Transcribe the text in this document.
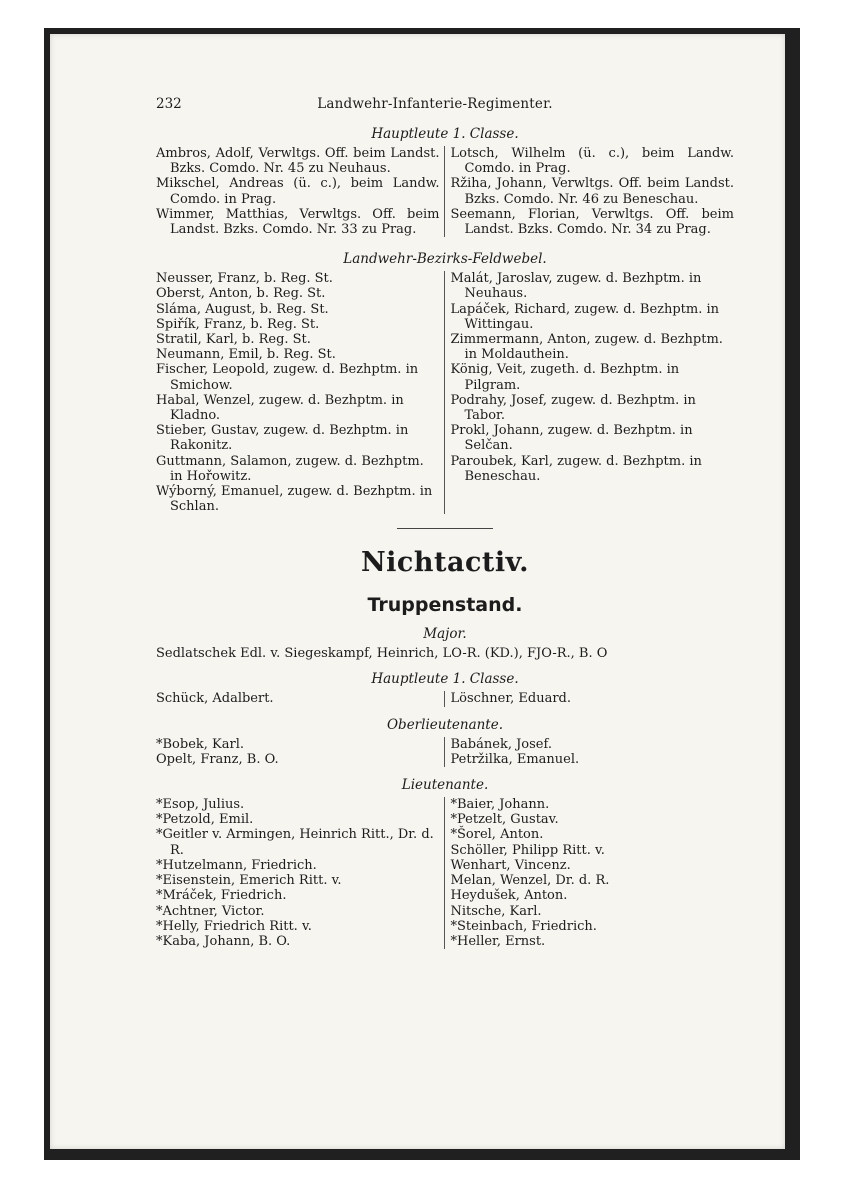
232	Landwehr-Infanterie-Regimenter.
Hauptleute 1. Classe.

Ambros, Adolf, Verwltgs. Off. beim Landst. Bzks. Comdo. Nr. 45 zu Neuhaus.

Mikschel, Andreas (ü. c.), beim Landw. Comdo. in Prag.

Wimmer, Matthias, Verwltgs. Off. beim Landst. Bzks. Comdo. Nr. 33 zu Prag.

Lotsch, Wilhelm (ü. c.), beim Landw. Comdo. in Prag.

Ržiha, Johann, Verwltgs. Off. beim Landst. Bzks. Comdo. Nr. 46 zu Beneschau.

Seemann, Florian, Verwltgs. Off. beim Landst. Bzks. Comdo. Nr. 34 zu Prag.

Landwehr-Bezirks-Feldwebel.

Neusser, Franz, b. Reg. St.

Oberst, Anton, b. Reg. St.

Sláma, August, b. Reg. St.

Spiřík, Franz, b. Reg. St.

Stratil, Karl, b. Reg. St.

Neumann, Emil, b. Reg. St.

Fischer, Leopold, zugew. d. Bezhptm. in Smichow.

Habal, Wenzel, zugew. d. Bezhptm. in Kladno.

Stieber, Gustav, zugew. d. Bezhptm. in Rakonitz.

Guttmann, Salamon, zugew. d. Bezhptm. in Hořowitz.

Wýborný, Emanuel, zugew. d. Bezhptm. in Schlan.

Malát, Jaroslav, zugew. d. Bezhptm. in Neuhaus.

Lapáček, Richard, zugew. d. Bezhptm. in Wittingau.

Zimmermann, Anton, zugew. d. Bezhptm. in Moldauthein.

König, Veit, zugeth. d. Bezhptm. in Pilgram.

Podrahy, Josef, zugew. d. Bezhptm. in Tabor.

Prokl, Johann, zugew. d. Bezhptm. in Selčan.

Paroubek, Karl, zugew. d. Bezhptm. in Beneschau.

Nichtactiv.
Truppenstand.
Major.
Sedlatschek Edl. v. Siegeskampf, Heinrich, LO-R. (KD.), FJO-R., B. O
Hauptleute 1. Classe.

Schück, Adalbert.	Löschner, Eduard.

Oberlieutenante.

*Bobek, Karl.

Opelt, Franz, B. O.

Babánek, Josef.

Petržilka, Emanuel.

Lieutenante.

*Esop, Julius.

*Petzold, Emil.

*Geitler v. Armingen, Heinrich Ritt., Dr. d. R.

*Hutzelmann, Friedrich.

*Eisenstein, Emerich Ritt. v.

*Mráček, Friedrich.

*Achtner, Victor.

*Helly, Friedrich Ritt. v.

*Kaba, Johann, B. O.

*Baier, Johann.

*Petzelt, Gustav.

*Šorel, Anton.

Schöller, Philipp Ritt. v.

Wenhart, Vincenz.

Melan, Wenzel, Dr. d. R.

Heydušek, Anton.

Nitsche, Karl.

*Steinbach, Friedrich.

*Heller, Ernst.
